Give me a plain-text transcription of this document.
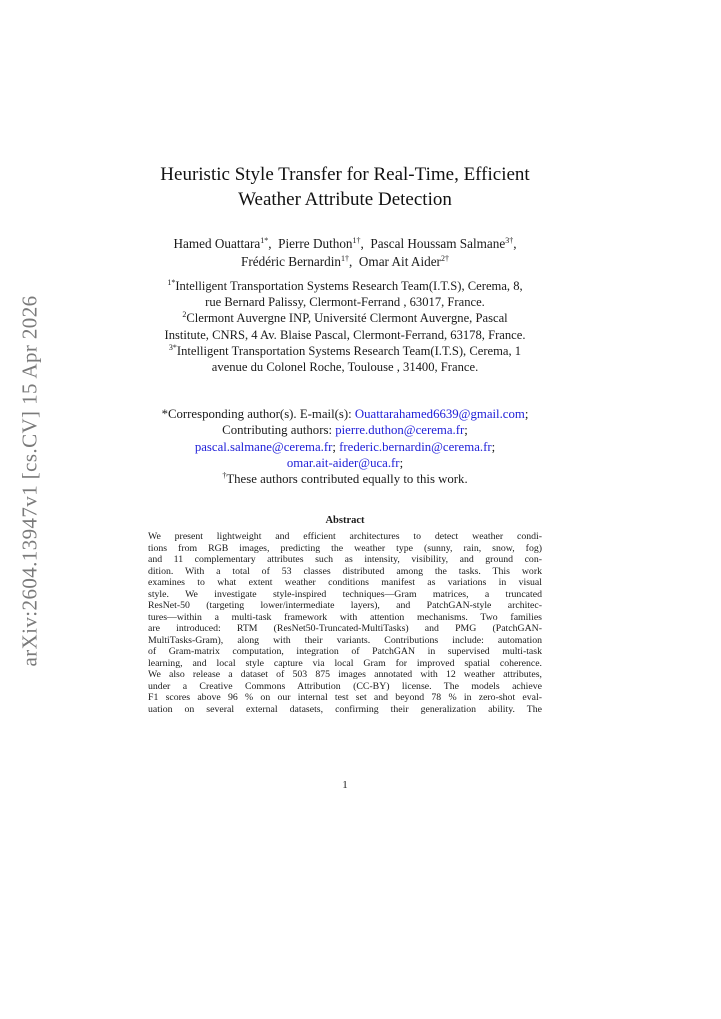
arXiv:2604.13947v1 [cs.CV] 15 Apr 2026
Heuristic Style Transfer for Real-Time, Efficient
Weather Attribute Detection
Hamed Ouattara$^{1*}$,  Pierre Duthon$^{1\dagger}$,  Pascal Houssam Salmane$^{3\dagger}$,
Frédéric Bernardin$^{1\dagger}$,  Omar Ait Aider$^{2\dagger}$
$^{1*}$Intelligent Transportation Systems Research Team(I.T.S), Cerema, 8,
rue Bernard Palissy, Clermont-Ferrand , 63017, France.
$^2$Clermont Auvergne INP, Université Clermont Auvergne, Pascal
Institute, CNRS, 4 Av. Blaise Pascal, Clermont-Ferrand, 63178, France.
$^{3*}$Intelligent Transportation Systems Research Team(I.T.S), Cerema, 1
avenue du Colonel Roche, Toulouse , 31400, France.
*Corresponding author(s). E-mail(s): Ouattarahamed6639@gmail.com;
Contributing authors: pierre.duthon@cerema.fr;
pascal.salmane@cerema.fr; frederic.bernardin@cerema.fr;
omar.ait-aider@uca.fr;
†These authors contributed equally to this work.
Abstract
We present lightweight and efficient architectures to detect weather condi-
tions from RGB images, predicting the weather type (sunny, rain, snow, fog)
and 11 complementary attributes such as intensity, visibility, and ground con-
dition. With a total of 53 classes distributed among the tasks. This work
examines to what extent weather conditions manifest as variations in visual
style. We investigate style-inspired techniques—Gram matrices, a truncated
ResNet-50 (targeting lower/intermediate layers), and PatchGAN-style architec-
tures—within a multi-task framework with attention mechanisms. Two families
are introduced: RTM (ResNet50-Truncated-MultiTasks) and PMG (PatchGAN-
MultiTasks-Gram), along with their variants. Contributions include: automation
of Gram-matrix computation, integration of PatchGAN in supervised multi-task
learning, and local style capture via local Gram for improved spatial coherence.
We also release a dataset of 503 875 images annotated with 12 weather attributes,
under a Creative Commons Attribution (CC-BY) license. The models achieve
F1 scores above 96 % on our internal test set and beyond 78 % in zero-shot eval-
uation on several external datasets, confirming their generalization ability. The
1
